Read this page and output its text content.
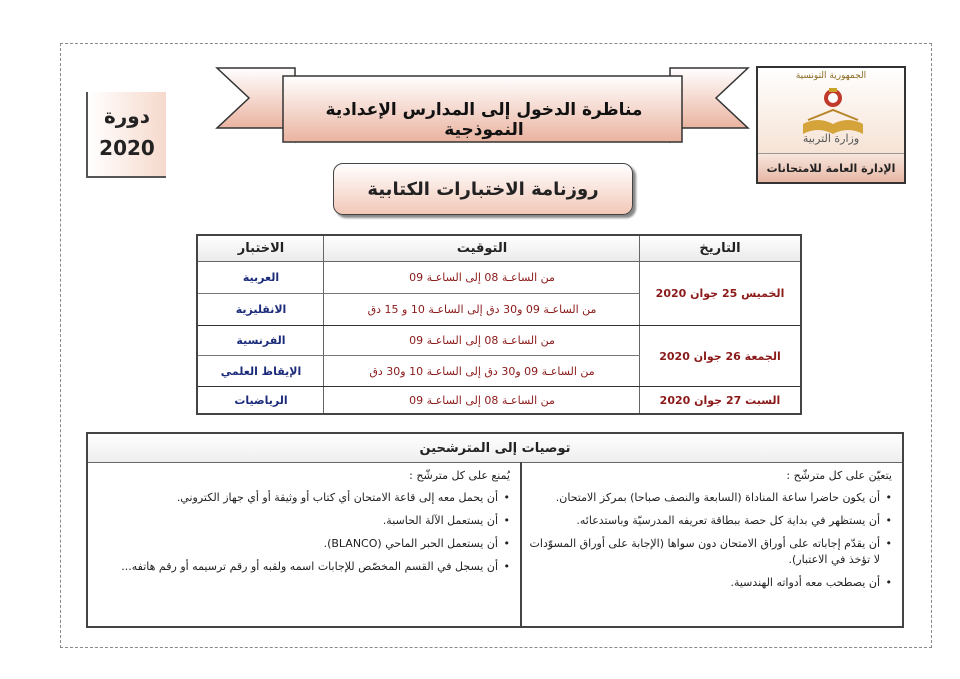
الجمهورية التونسية
وزارة التربية
الإدارة العامة للامتحانات
دورة
2020
مناظرة الدخول إلى المدارس الإعدادية النموذجية
روزنامة الاختبارات الكتابية
التاريخ
التوقيت
الاختبار
الخميس 25 جوان 2020
من الساعـة 08 إلى الساعـة 09
العربية
من الساعـة 09 و30 دق إلى الساعـة 10 و 15 دق
الانقليزية
الجمعة 26 جوان 2020
من الساعـة 08 إلى الساعـة 09
الفرنسية
من الساعـة 09 و30 دق إلى الساعـة 10 و30 دق
الإيقاظ العلمي
السبت 27 جوان 2020
من الساعـة 08 إلى الساعـة 09
الرياضيات
توصيات إلى المترشحين
يتعيّن على كل مترشّح :
• أن يكون حاضرا ساعة المناداة (السابعة والنصف صباحا) بمركز الامتحان.
• أن يستظهر في بداية كل حصة ببطاقة تعريفه المدرسيّة وباستدعائه.
• أن يقدّم إجاباته على أوراق الامتحان دون سواها (الإجابة على أوراق المسوّدات لا تؤخذ في الاعتبار).
• أن يصطحب معه أدواته الهندسية.
يُمنع على كل مترشّح :
• أن يحمل معه إلى قاعة الامتحان أي كتاب أو وثيقة أو أي جهاز الكتروني.
• أن يستعمل الآلة الحاسبة.
• أن يستعمل الحبر الماحي (BLANCO).
• أن يسجل في القسم المخصّص للإجابات اسمه ولقبه أو رقم ترسيمه أو رقم هاتفه...
